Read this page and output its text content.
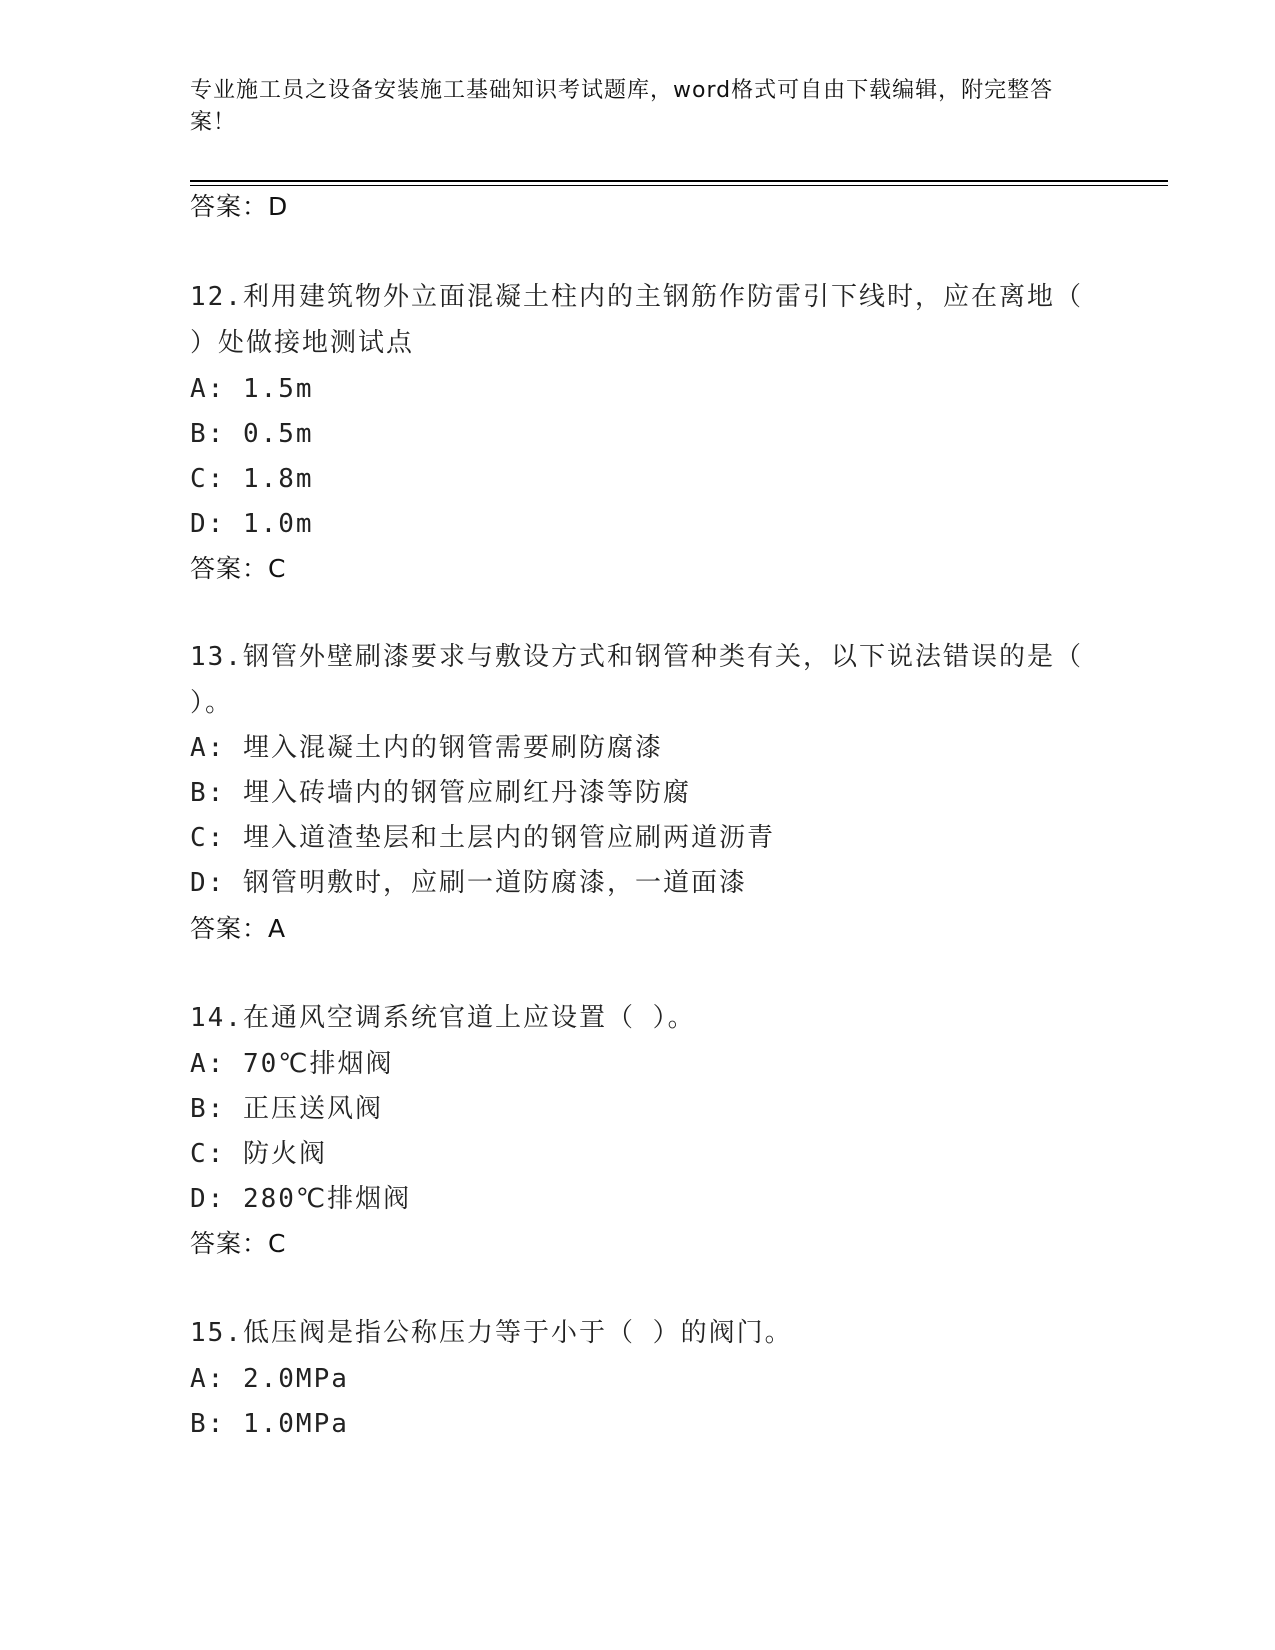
专业施工员之设备安装施工基础知识考试题库，word格式可自由下载编辑，附完整答案！
答案：D
12.利用建筑物外立面混凝土柱内的主钢筋作防雷引下线时，应在离地（ ）处做接地测试点
A: 1.5m
B: 0.5m
C: 1.8m
D: 1.0m
答案：C
13.钢管外壁刷漆要求与敷设方式和钢管种类有关，以下说法错误的是（ ）。
A: 埋入混凝土内的钢管需要刷防腐漆
B: 埋入砖墙内的钢管应刷红丹漆等防腐
C: 埋入道渣垫层和土层内的钢管应刷两道沥青
D: 钢管明敷时，应刷一道防腐漆，一道面漆
答案：A
14.在通风空调系统官道上应设置（ ）。
A: 70℃排烟阀
B: 正压送风阀
C: 防火阀
D: 280℃排烟阀
答案：C
15.低压阀是指公称压力等于小于（ ）的阀门。
A: 2.0MPa
B: 1.0MPa
